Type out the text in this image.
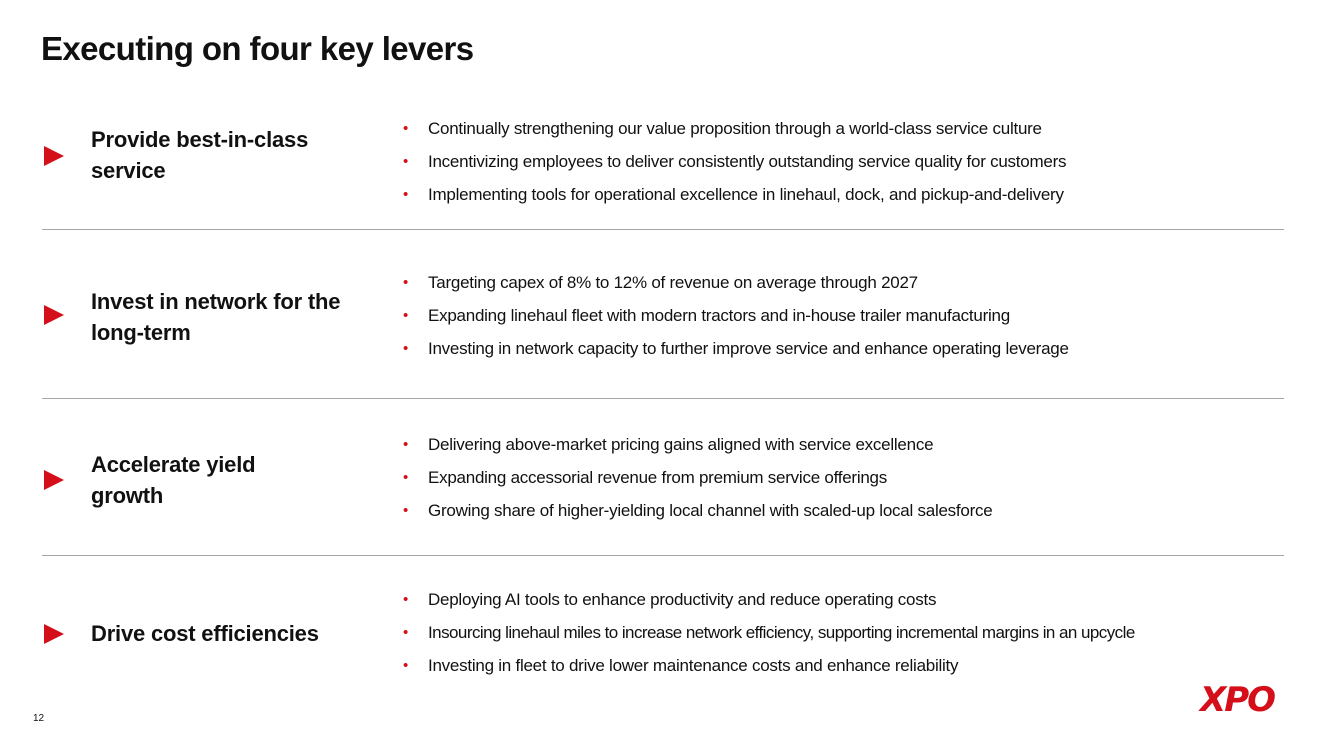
Executing on four key levers
Provide best-in-class
service
• Continually strengthening our value proposition through a world-class service culture
• Incentivizing employees to deliver consistently outstanding service quality for customers
• Implementing tools for operational excellence in linehaul, dock, and pickup-and-delivery
Invest in network for the
long-term
• Targeting capex of 8% to 12% of revenue on average through 2027
• Expanding linehaul fleet with modern tractors and in-house trailer manufacturing
• Investing in network capacity to further improve service and enhance operating leverage
Accelerate yield
growth
• Delivering above-market pricing gains aligned with service excellence
• Expanding accessorial revenue from premium service offerings
• Growing share of higher-yielding local channel with scaled-up local salesforce
Drive cost efficiencies
• Deploying AI tools to enhance productivity and reduce operating costs
• Insourcing linehaul miles to increase network efficiency, supporting incremental margins in an upcycle
• Investing in fleet to drive lower maintenance costs and enhance reliability
12	XPO
